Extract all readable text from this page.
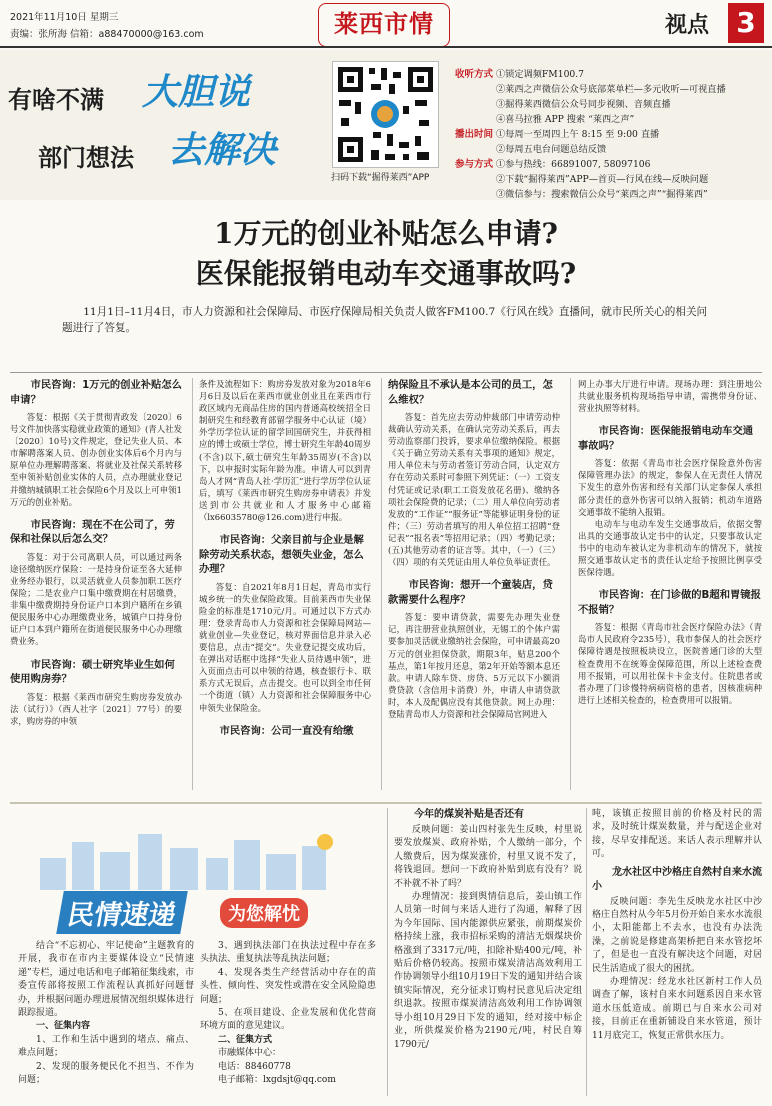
2021年11月10日 星期三
责编：张所海 信箱：a88470000@163.com	莱西市情	视点 3
有啥不满 大胆说
部门想法 去解决
扫码下载“掘得莱西”APP
收听方式 ①锁定调频FM100.7
②莱西之声微信公众号底部菜单栏—多元收听—可视直播
③掘得莱西微信公众号同步视频、音频直播
④喜马拉雅 APP 搜索 “莱西之声”
播出时间 ①每周一至周四上午 8:15 至 9:00 直播
②每周五电台问题总结反馈
参与方式 ①参与热线：66891007, 58097106
②下载“掘得莱西”APP—首页—行风在线—反映问题
③微信参与：搜索微信公众号“莱西之声”“掘得莱西”
1万元的创业补贴怎么申请?
医保能报销电动车交通事故吗?
11月1日–11月4日，市人力资源和社会保障局、市医疗保障局相关负责人做客FM100.7《行风在线》直播间，就市民所关心的相关问题进行了答复。
市民咨询：1万元的创业补贴怎么申请？

答复：根据《关于贯彻青政发〔2020〕6号文件加快落实稳就业政策的通知》(青人社发〔2020〕10号)文件规定，登记失业人员、本市解聘落案人员、创办创业实体后6个月内与原单位办理解聘落案、将就业及社保关系转移至申领补贴创业实体的人员，点办理就业登记并缴纳城镇职工社会保险6个月及以上可申领1万元的创业补贴。

市民咨询：现在不在公司了，劳保和社保以后怎么交？

答复：对于公司离职人员，可以通过两条途径缴纳医疗保险：一是持身份证至各大延伸业务经办银行，以灵活就业人员参加职工医疗保险；二是农业户口集中缴费期在村居缴费，非集中缴费期持身份证户口本到户籍所在乡镇便民服务中心办理缴费业务，城镇户口持身份证户口本到户籍所在街道便民服务中心办理缴费业务。

市民咨询：硕士研究毕业生如何使用购房券？

答复：根据《莱西市研究生购房券发放办法（试行）》（西人社字〔2021〕77号）的要求，购房券的申领

条件及流程如下：购房券发放对象为2018年6月6日及以后在莱西市就业创业且在莱西市行政区域内无商品住房的国内普通高校统招全日制研究生和经教育部留学服务中心认证（境）外学历学位认证的留学回国研究生，并获得相应的博士或硕士学位，博士研究生年龄40周岁(不含)以下,硕士研究生年龄35周岁(不含)以下，以申报时实际年龄为准。申请人可以到青岛人才网“青岛人社·学历汇”进行学历学位认证后，填写《莱西市研究生购房券申请表》并发送到市公共就业和人才服务中心邮箱（lx66035780@126.com)进行申报。

市民咨询：父亲目前与企业是解除劳动关系状态，想领失业金，怎么办理？

答复：自2021年8月1日起，青岛市实行城乡统一的失业保险政策。目前莱西市失业保险金的标准是1710元/月。可通过以下方式办理：登录青岛市人力资源和社会保障局网站—就业创业—失业登记，核对界面信息并录入必要信息，点击“提交”。失业登记提交成功后，在弹出对话框中选择“失业人员待遇申领”，进入页面点击可以申领的待遇，核查银行卡、联系方式无误后，点击提交。也可以到全市任何一个街道（镇）人力资源和社会保障服务中心申领失业保险金。

市民咨询：公司一直没有给缴
纳保险且不承认是本公司的员工，怎么维权？

答复：首先应去劳动仲裁部门申请劳动仲裁确认劳动关系，在确认完劳动关系后，再去劳动监察部门投诉，要求单位缴纳保险。根据《关于确立劳动关系有关事项的通知》规定，用人单位未与劳动者签订劳动合同，认定双方存在劳动关系时可参照下列凭证：（一）工资支付凭证或记录(职工工资发放花名册)、缴纳各项社会保险费的记录；（二）用人单位向劳动者发放的“工作证”“服务证”等能够证明身份的证件；（三）劳动者填写的用人单位招工招聘“登记表”“报名表”等招用记录；（四）考勤记录；(五)其他劳动者的证言等。其中，（一）（三）（四）项的有关凭证由用人单位负举证责任。

市民咨询：想开一个童装店，贷款需要什么程序？

答复：要申请贷款，需要先办理失业登记，再注册营业执照创业，无锡工的个体户需要参加灵活就业缴纳社会保险，可申请最高20万元的创业担保贷款，期限3年，贴息200个基点，第1年按月还息，第2年开始等额本息还款。申请人除车贷、房贷、5万元以下小额消费贷款（含信用卡消费）外，申请人申请贷款时，本人及配偶应没有其他贷款。网上办理：登陆青岛市人力资源和社会保障局官网进入

网上办事大厅进行申请。现场办理：到注册地公共就业服务机构现场指导申请，需携带身份证、营业执照等材料。

市民咨询：医保能报销电动车交通事故吗？

答复：依据《青岛市社会医疗保险意外伤害保障管理办法》的规定，参保人在无责任人情况下发生的意外伤害和经有关部门认定参保人承担部分责任的意外伤害可以纳入报销；机动车道路交通事故不能纳入报销。

电动车与电动车发生交通事故后，依据交警出具的交通事故认定书中的认定，只要事故认定书中的电动车被认定为非机动车的情况下，就按照交通事故认定书的责任认定给予按照比例享受医保待遇。

市民咨询：在门诊做的B超和胃镜报不报销？

答复：根据《青岛市社会医疗保险办法》（青岛市人民政府令235号），我市参保人的社会医疗保障待遇是按照板块设立，医院普通门诊的大型检查费用不在统筹金保障范围，所以上述检查费用不报销，可以用社保卡卡金支付。住院患者或者办理了门诊慢特病病资格的患者，因核准病种进行上述相关检查的，检查费用可以报销。

民情速递	为您解忧

结合“不忘初心、牢记使命”主题教育的开展，我市在市内主要媒体设立“民情速递”专栏，通过电话和电子邮箱征集线索，市委宣传部将按照工作流程认真抓好问题督办，并根据问题办理进展情况组织媒体进行跟踪报道。

一、征集内容

1、工作和生活中遇到的堵点、痛点、难点问题；

2、发现的服务便民化不担当、不作为问题；

3、遇到执法部门在执法过程中存在多头执法、重复执法等乱执法问题；

4、发现各类生产经营活动中存在的苗头性、倾向性、突发性或潜在安全风险隐患问题；

5、在项目建设、企业发展和优化营商环境方面的意见建议。

二、征集方式

市融媒体中心：

电话：88460778

电子邮箱：lxgdsjt@qq.com

今年的煤炭补贴是否还有

反映问题：姜山四村张先生反映，村里说要发放煤炭、政府补贴，个人缴纳一部分，个人缴费后，因为煤炭涨价，村里又说不发了，将钱退回。想问一下政府补贴到底有没有？说不补就不补了吗？

办理情况：接到舆情信息后，姜山镇工作人员第一时间与来话人进行了沟通，解释了因为今年国际、国内能源供应紧张，前期煤炭价格持续上涨，我市招标采购的清洁无烟煤块价格涨到了3317元/吨，扣除补贴400元/吨，补贴后价格仍较高。按照市煤炭清洁高效利用工作协调领导小组10月19日下发的通知并结合该镇实际情况，充分征求订购村民意见后决定组织退款。按照市煤炭清洁高效利用工作协调领导小组10月29日下发的通知，经对接中标企业，所供煤炭价格为2190元/吨，村民自筹1790元/

吨，该镇正按照目前的价格及村民的需求，及时统计煤炭数量，并与配送企业对接，尽早安排配送。来话人表示理解并认可。

龙水社区中沙格庄自然村自来水流小

反映问题：李先生反映龙水社区中沙格庄自然村从今年5月份开始自来水水流很小，太阳能都上不去水，也没有办法洗澡，之前说是修建高架桥把自来水管挖坏了，但是也一直没有解决这个问题，对居民生活造成了很大的困扰。

办理情况：经龙水社区新村工作人员调查了解，该村自来水问题系因自来水管道水压低造成。前期已与自来水公司对接，目前正在重新铺设自来水管道，预计11月底完工，恢复正常供水压力。
